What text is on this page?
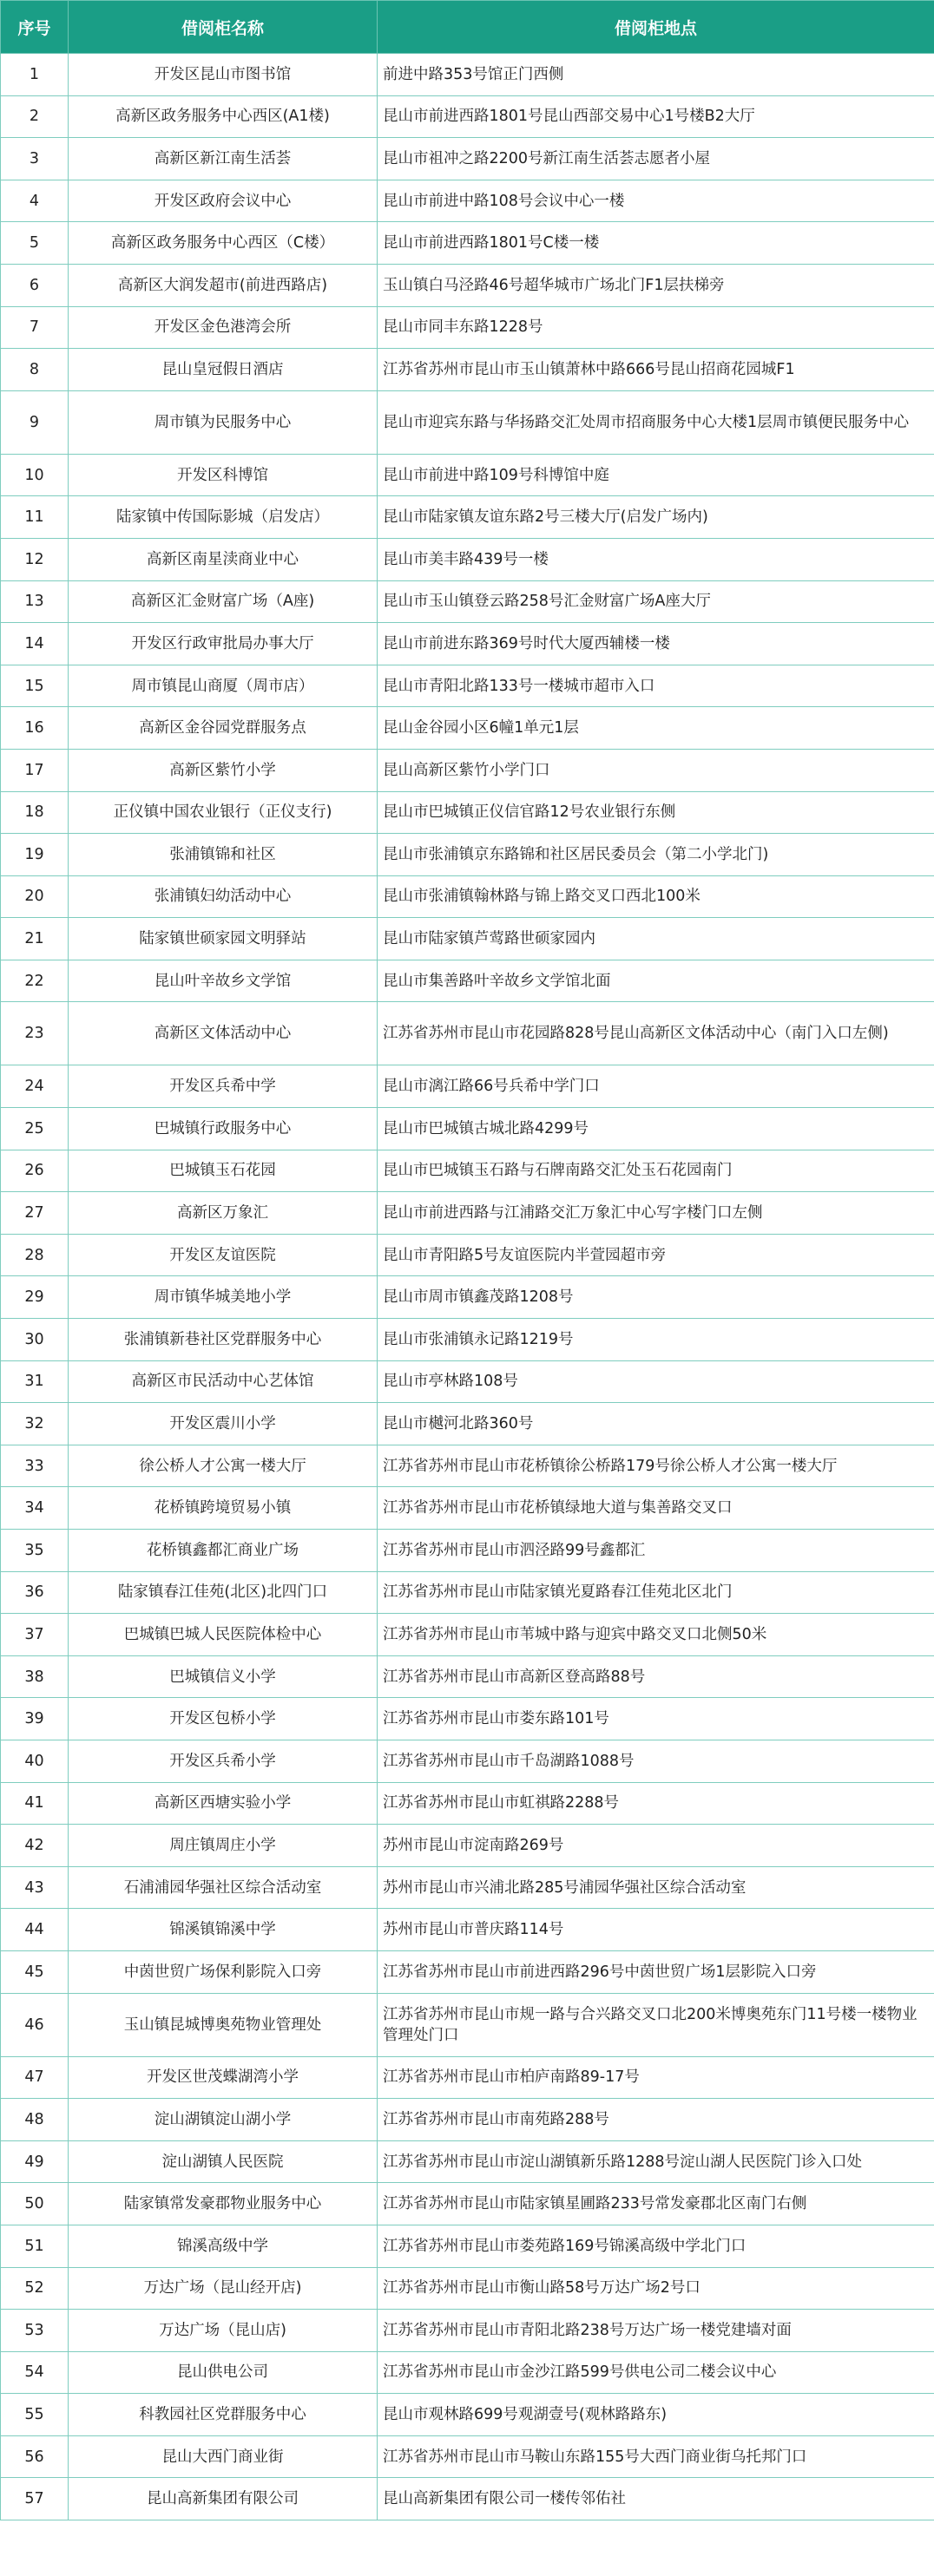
序号	借阅柜名称	借阅柜地点
1	开发区昆山市图书馆	前进中路353号馆正门西侧
2	高新区政务服务中心西区(A1楼)	昆山市前进西路1801号昆山西部交易中心1号楼B2大厅
3	高新区新江南生活荟	昆山市祖冲之路2200号新江南生活荟志愿者小屋
4	开发区政府会议中心	昆山市前进中路108号会议中心一楼
5	高新区政务服务中心西区（C楼）	昆山市前进西路1801号C楼一楼
6	高新区大润发超市(前进西路店)	玉山镇白马泾路46号超华城市广场北门F1层扶梯旁
7	开发区金色港湾会所	昆山市同丰东路1228号
8	昆山皇冠假日酒店	江苏省苏州市昆山市玉山镇萧林中路666号昆山招商花园城F1
9	周市镇为民服务中心	昆山市迎宾东路与华扬路交汇处周市招商服务中心大楼1层周市镇便民服务中心
10	开发区科博馆	昆山市前进中路109号科博馆中庭
11	陆家镇中传国际影城（启发店）	昆山市陆家镇友谊东路2号三楼大厅(启发广场内)
12	高新区南星渎商业中心	昆山市美丰路439号一楼
13	高新区汇金财富广场（A座)	昆山市玉山镇登云路258号汇金财富广场A座大厅
14	开发区行政审批局办事大厅	昆山市前进东路369号时代大厦西辅楼一楼
15	周市镇昆山商厦（周市店）	昆山市青阳北路133号一楼城市超市入口
16	高新区金谷园党群服务点	昆山金谷园小区6幢1单元1层
17	高新区紫竹小学	昆山高新区紫竹小学门口
18	正仪镇中国农业银行（正仪支行)	昆山市巴城镇正仪信官路12号农业银行东侧
19	张浦镇锦和社区	昆山市张浦镇京东路锦和社区居民委员会（第二小学北门)
20	张浦镇妇幼活动中心	昆山市张浦镇翰林路与锦上路交叉口西北100米
21	陆家镇世硕家园文明驿站	昆山市陆家镇芦莺路世硕家园内
22	昆山叶辛故乡文学馆	昆山市集善路叶辛故乡文学馆北面
23	高新区文体活动中心	江苏省苏州市昆山市花园路828号昆山高新区文体活动中心（南门入口左侧)
24	开发区兵希中学	昆山市漓江路66号兵希中学门口
25	巴城镇行政服务中心	昆山市巴城镇古城北路4299号
26	巴城镇玉石花园	昆山市巴城镇玉石路与石牌南路交汇处玉石花园南门
27	高新区万象汇	昆山市前进西路与江浦路交汇万象汇中心写字楼门口左侧
28	开发区友谊医院	昆山市青阳路5号友谊医院内半萱园超市旁
29	周市镇华城美地小学	昆山市周市镇鑫茂路1208号
30	张浦镇新巷社区党群服务中心	昆山市张浦镇永记路1219号
31	高新区市民活动中心艺体馆	昆山市亭林路108号
32	开发区震川小学	昆山市樾河北路360号
33	徐公桥人才公寓一楼大厅	江苏省苏州市昆山市花桥镇徐公桥路179号徐公桥人才公寓一楼大厅
34	花桥镇跨境贸易小镇	江苏省苏州市昆山市花桥镇绿地大道与集善路交叉口
35	花桥镇鑫都汇商业广场	江苏省苏州市昆山市泗泾路99号鑫都汇
36	陆家镇春江佳苑(北区)北四门口	江苏省苏州市昆山市陆家镇光夏路春江佳苑北区北门
37	巴城镇巴城人民医院体检中心	江苏省苏州市昆山市苇城中路与迎宾中路交叉口北侧50米
38	巴城镇信义小学	江苏省苏州市昆山市高新区登高路88号
39	开发区包桥小学	江苏省苏州市昆山市娄东路101号
40	开发区兵希小学	江苏省苏州市昆山市千岛湖路1088号
41	高新区西塘实验小学	江苏省苏州市昆山市虹祺路2288号
42	周庄镇周庄小学	苏州市昆山市淀南路269号
43	石浦浦园华强社区综合活动室	苏州市昆山市兴浦北路285号浦园华强社区综合活动室
44	锦溪镇锦溪中学	苏州市昆山市普庆路114号
45	中茵世贸广场保利影院入口旁	江苏省苏州市昆山市前进西路296号中茵世贸广场1层影院入口旁
46	玉山镇昆城博奥苑物业管理处	江苏省苏州市昆山市规一路与合兴路交叉口北200米博奥苑东门11号楼一楼物业管理处门口
47	开发区世茂蝶湖湾小学	江苏省苏州市昆山市柏庐南路89-17号
48	淀山湖镇淀山湖小学	江苏省苏州市昆山市南苑路288号
49	淀山湖镇人民医院	江苏省苏州市昆山市淀山湖镇新乐路1288号淀山湖人民医院门诊入口处
50	陆家镇常发豪郡物业服务中心	江苏省苏州市昆山市陆家镇星圃路233号常发豪郡北区南门右侧
51	锦溪高级中学	江苏省苏州市昆山市娄苑路169号锦溪高级中学北门口
52	万达广场（昆山经开店)	江苏省苏州市昆山市衡山路58号万达广场2号口
53	万达广场（昆山店)	江苏省苏州市昆山市青阳北路238号万达广场一楼党建墙对面
54	昆山供电公司	江苏省苏州市昆山市金沙江路599号供电公司二楼会议中心
55	科教园社区党群服务中心	昆山市观林路699号观湖壹号(观林路路东)
56	昆山大西门商业街	江苏省苏州市昆山市马鞍山东路155号大西门商业街乌托邦门口
57	昆山高新集团有限公司	昆山高新集团有限公司一楼传邻佑社
